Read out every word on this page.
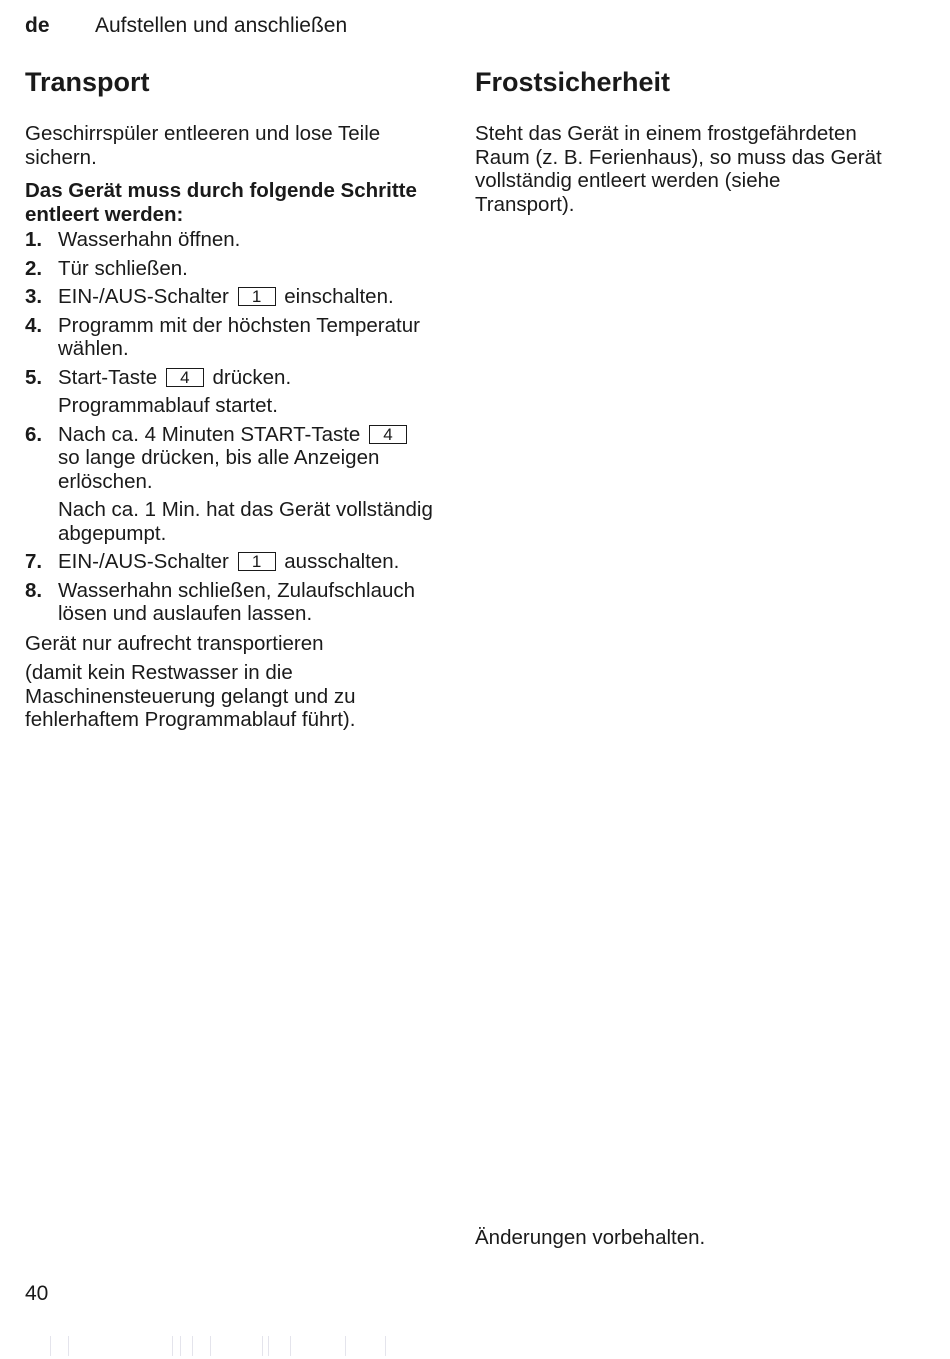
de Aufstellen und anschließen
Transport

Geschirrspüler entleeren und lose Teile sichern.

Das Gerät muss durch folgende Schritte entleert werden:

1. Wasserhahn öffnen.
2. Tür schließen.
3. EIN-/AUS-Schalter 1 einschalten.
4. Programm mit der höchsten Temperatur wählen.
5. Start-Taste 4 drücken.
Programmablauf startet.
6. Nach ca. 4 Minuten START-Taste 4 so lange drücken, bis alle Anzeigen erlöschen.
Nach ca. 1 Min. hat das Gerät vollständig abgepumpt.
7. EIN-/AUS-Schalter 1 ausschalten.
8. Wasserhahn schließen, Zulaufschlauch lösen und auslaufen lassen.

Gerät nur aufrecht transportieren

(damit kein Restwasser in die Maschinensteuerung gelangt und zu fehlerhaftem Programmablauf führt).

Frostsicherheit

Steht das Gerät in einem frostgefährdeten Raum (z. B. Ferienhaus), so muss das Gerät vollständig entleert werden (siehe Transport).

Änderungen vorbehalten.
40
